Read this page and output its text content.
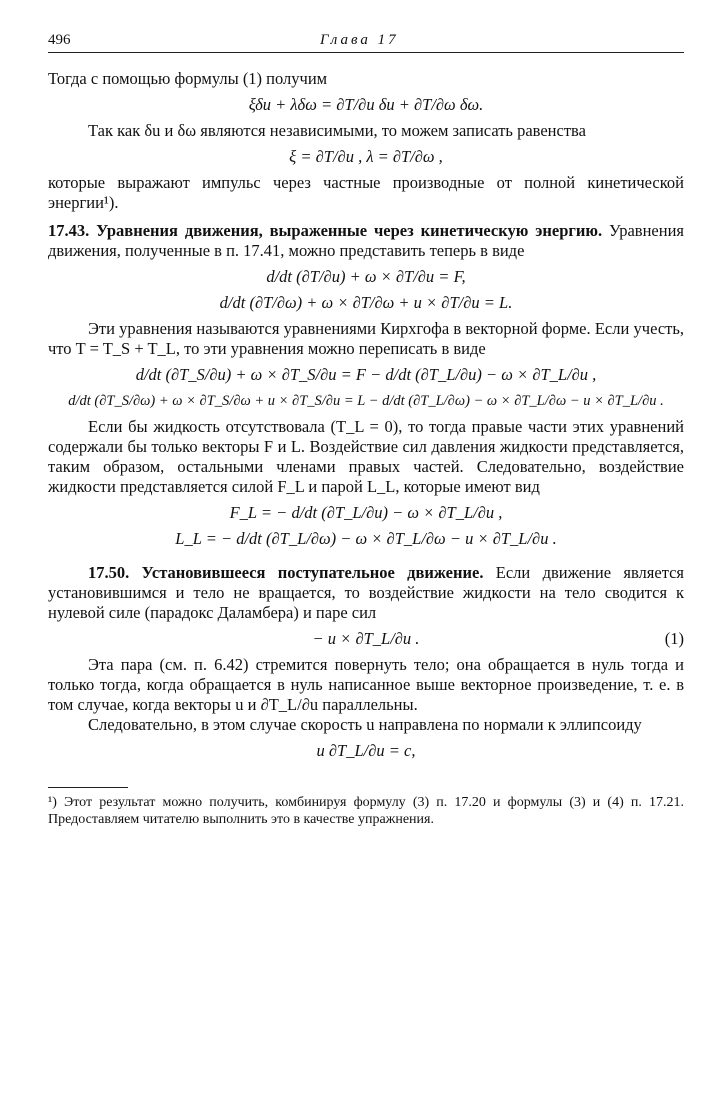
496	Глава 17

Тогда с помощью формулы (1) получим

ξδu + λδω = ∂T/∂u δu + ∂T/∂ω δω.

Так как δu и δω являются независимыми, то можем записать равенства

ξ = ∂T/∂u , λ = ∂T/∂ω ,

которые выражают импульс через частные производные от полной кинетической энергии¹).

17.43. Уравнения движения, выраженные через кинетическую энергию. Уравнения движения, полученные в п. 17.41, можно представить теперь в виде

d/dt (∂T/∂u) + ω × ∂T/∂u = F,
d/dt (∂T/∂ω) + ω × ∂T/∂ω + u × ∂T/∂u = L.

Эти уравнения называются уравнениями Кирхгофа в векторной форме. Если учесть, что T = T_S + T_L, то эти уравнения можно переписать в виде

d/dt (∂T_S/∂u) + ω × ∂T_S/∂u = F − d/dt (∂T_L/∂u) − ω × ∂T_L/∂u ,
d/dt (∂T_S/∂ω) + ω × ∂T_S/∂ω + u × ∂T_S/∂u = L − d/dt (∂T_L/∂ω) − ω × ∂T_L/∂ω − u × ∂T_L/∂u .

Если бы жидкость отсутствовала (T_L = 0), то тогда правые части этих уравнений содержали бы только векторы F и L. Воздействие сил давления жидкости представляется, таким образом, остальными членами правых частей. Следовательно, воздействие жидкости представляется силой F_L и парой L_L, которые имеют вид

F_L = − d/dt (∂T_L/∂u) − ω × ∂T_L/∂u ,
L_L = − d/dt (∂T_L/∂ω) − ω × ∂T_L/∂ω − u × ∂T_L/∂u .

17.50. Установившееся поступательное движение. Если движение является установившимся и тело не вращается, то воздействие жидкости на тело сводится к нулевой силе (парадокс Даламбера) и паре сил

− u × ∂T_L/∂u .	(1)

Эта пара (см. п. 6.42) стремится повернуть тело; она обращается в нуль тогда и только тогда, когда обращается в нуль написанное выше векторное произведение, т. е. в том случае, когда векторы u и ∂T_L/∂u параллельны.

Следовательно, в этом случае скорость u направлена по нормали к эллипсоиду

u ∂T_L/∂u = c,

¹) Этот результат можно получить, комбинируя формулу (3) п. 17.20 и формулы (3) и (4) п. 17.21. Предоставляем читателю выполнить это в качестве упражнения.
